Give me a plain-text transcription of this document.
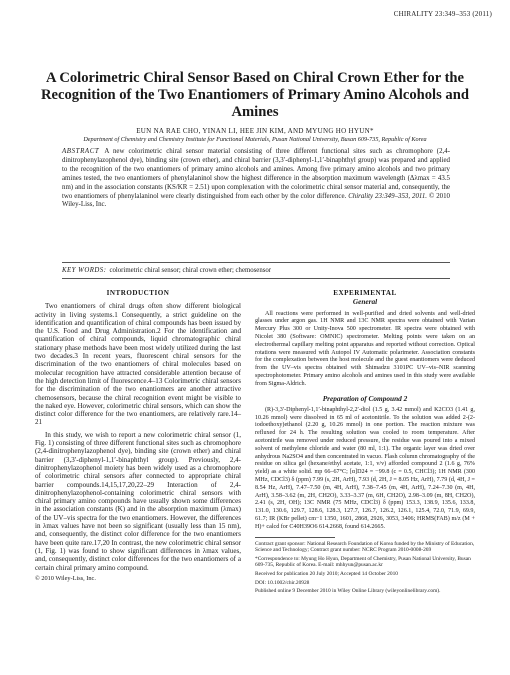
CHIRALITY 23:349–353 (2011)
A Colorimetric Chiral Sensor Based on Chiral Crown Ether for the Recognition of the Two Enantiomers of Primary Amino Alcohols and Amines
EUN NA RAE CHO, YINAN LI, HEE JIN KIM, AND MYUNG HO HYUN*
Department of Chemistry and Chemistry Institute for Functional Materials, Pusan National University, Busan 609-735, Republic of Korea
ABSTRACT A new colorimetric chiral sensor material consisting of three different functional sites such as chromophore (2,4-dinitrophenylazophenol dye), binding site (crown ether), and chiral barrier (3,3′-diphenyl-1,1′-binaphthyl group) was prepared and applied to the recognition of the two enantiomers of primary amino alcohols and amines. Among five primary amino alcohols and two primary amines tested, the two enantiomers of phenylalaninol show the highest difference in the absorption maximum wavelength (Δλmax = 43.5 nm) and in the association constants (KS/KR = 2.51) upon complexation with the colorimetric chiral sensor material and, consequently, the two enantiomers of phenylalaninol were clearly distinguished from each other by the color difference. Chirality 23:349–353, 2011. © 2010 Wiley-Liss, Inc.
KEY WORDS: colorimetric chiral sensor; chiral crown ether; chemosensor
INTRODUCTION

Two enantiomers of chiral drugs often show different biological activity in living systems.1 Consequently, a strict guideline on the identification and quantification of chiral compounds has been issued by the U.S. Food and Drug Administration.2 For the identification and quantification of chiral compounds, liquid chromatographic chiral stationary phase methods have been most widely utilized during the last two decades.3 In recent years, fluorescent chiral sensors for the discrimination of the two enantiomers of chiral molecules based on molecular recognition have attracted considerable attention because of the high detection limit of fluorescence.4–13 Colorimetric chiral sensors for the discrimination of the two enantiomers are another attractive chemosensors, because the chiral recognition event might be visible to the naked eye. However, colorimetric chiral sensors, which can show the distinct color difference for the two enantiomers, are relatively rare.14–21

In this study, we wish to report a new colorimetric chiral sensor (1, Fig. 1) consisting of three different functional sites such as chromophore (2,4-dinitrophenylazophenol dye), binding site (crown ether) and chiral barrier (3,3′-diphenyl-1,1′-binaphthyl group). Previously, 2,4-dinitrophenylazophenol moiety has been widely used as a chromophore of colorimetric chiral sensors after connected to appropriate chiral barrier compounds.14,15,17,20,22–29 Interaction of 2,4-dinitrophenylazophenol-containing colorimetric chiral sensors with chiral primary amino compounds have usually shown some differences in the association constants (K) and in the absorption maximum (λmax) of the UV–vis spectra for the two enantiomers. However, the differences in λmax values have not been so significant (usually less than 15 nm), and, consequently, the distinct color difference for the two enantiomers have been quite rare.17,20 In contrast, the new colorimetric chiral sensor (1, Fig. 1) was found to show significant differences in λmax values, and, consequently, distinct color differences for the two enantiomers of a certain chiral primary amino compound.

© 2010 Wiley-Liss, Inc.
EXPERIMENTAL
General

All reactions were performed in well-purified and dried solvents and well-dried glasses under argon gas. 1H NMR and 13C NMR spectra were obtained with Varian Mercury Plus 300 or Unity-Inova 500 spectrometer. IR spectra were obtained with Nicolet 380 (Software: OMNIC) spectrometer. Melting points were taken on an electrothermal capillary melting point apparatus and reported without correction. Optical rotations were measured with Autopol IV Automatic polarimeter. Association constants for the complexation between the host molecule and the guest enantiomers were deduced from the UV–vis spectra obtained with Shimadzu 3101PC UV–vis–NIR scanning spectrophotometer. Primary amino alcohols and amines used in this study were available from Sigma-Aldrich.

Preparation of Compound 2

(R)-3,3′-Diphenyl-1,1′-binaphthyl-2,2′-diol (1.5 g, 3.42 mmol) and K2CO3 (1.41 g, 10.26 mmol) were dissolved in 65 ml of acetonitrile. To the solution was added 2-(2-iodoethoxy)ethanol (2.20 g, 10.26 mmol) in one portion. The reaction mixture was refluxed for 24 h. The resulting solution was cooled to room temperature. After acetonitrile was removed under reduced pressure, the residue was poured into a mixed solvent of methylene chloride and water (80 ml, 1:1). The organic layer was dried over anhydrous Na2SO4 and then concentrated in vacuo. Flash column chromatography of the residue on silica gel (hexane/ethyl acetate, 1:1, v/v) afforded compound 2 (1.6 g, 76% yield) as a white solid. mp 66–67°C; [α]D24 = −99.8 (c = 0.5, CHCl3); 1H NMR (300 MHz, CDCl3) δ (ppm) 7.99 (s, 2H, ArH), 7.93 (d, 2H, J = 8.05 Hz, ArH), 7.79 (d, 4H, J = 8.54 Hz, ArH), 7.47–7.50 (m, 4H, ArH), 7.38–7.45 (m, 4H, ArH), 7.24–7.30 (m, 4H, ArH), 3.58–3.62 (m, 2H, CH2O), 3.33–3.37 (m, 6H, CH2O), 2.98–3.09 (m, 8H, CH2O), 2.41 (s, 2H, OH); 13C NMR (75 MHz, CDCl3) δ (ppm) 153.3, 138.9, 135.6, 133.8, 131.0, 130.6, 129.7, 128.6, 128.3, 127.7, 126.7, 126.2, 126.1, 125.4, 72.0, 71.9, 69.9, 61.7; IR (KBr pellet) cm−1 1350, 1601, 2868, 2926, 3053, 3406; HRMS(FAB) m/z (M + H)+ calcd for C40H39O6 614.2668, found 614.2665.

Contract grant sponsor: National Research Foundation of Korea funded by the Ministry of Education, Science and Technology; Contract grant number: NCRC Program 2010-0008-269

*Correspondence to: Myung Ho Hyun, Department of Chemistry, Pusan National University, Busan 609-735, Republic of Korea. E-mail: mhhyun@pusan.ac.kr

Received for publication 20 July 2010; Accepted 14 October 2010

DOI: 10.1002/chir.20928

Published online 9 December 2010 in Wiley Online Library (wileyonlinelibrary.com).
